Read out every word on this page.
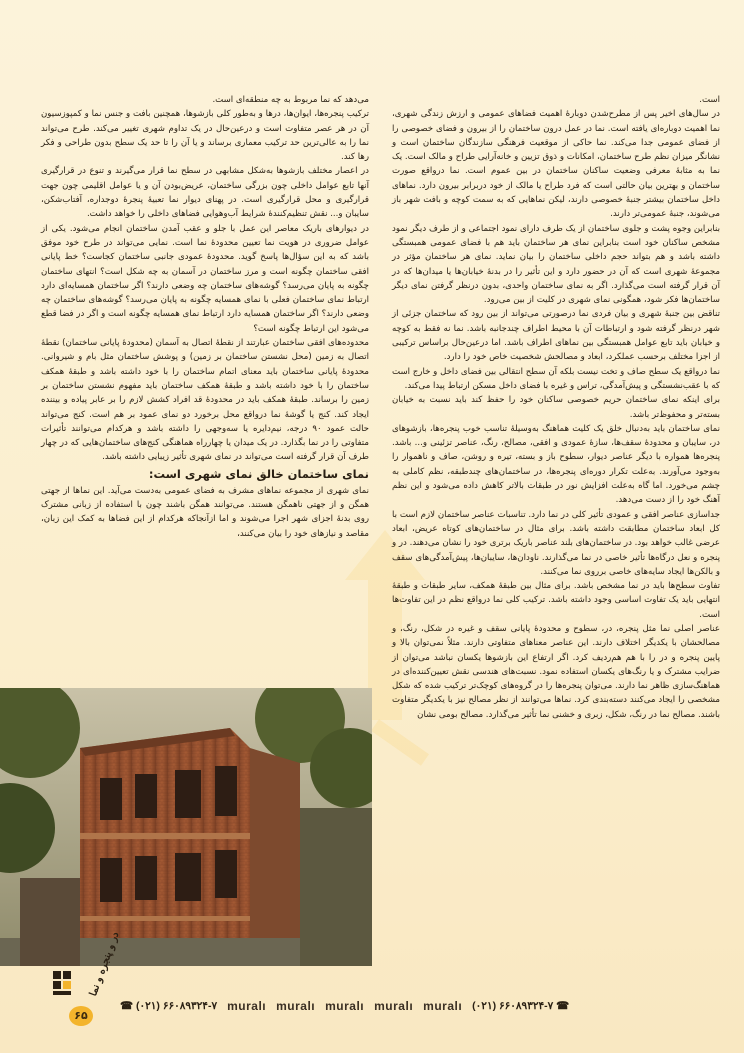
است.

در سال‌های اخیر پس از مطرح‌شدن دوبارهٔ اهمیت فضاهای عمومی و ارزش زندگی شهری، نما اهمیت دوباره‌ای یافته است. نما در عمل درون ساختمان را از بیرون و فضای خصوصی را از فضای عمومی جدا می‌کند. نما حاکی از موقعیت فرهنگی سازندگان ساختمان است و نشانگر میزان نظم طرح ساختمان، امکانات و ذوق تزیین و خانه‌آرایی طراح و مالک است. یک نما به مثابهٔ معرفی وضعیت ساکنان ساختمان در بین عموم است. نما درواقع صورت ساختمان و بهترین بیان حالتی است که فرد طراح یا مالک از خود دربرابر بیرون دارد. نماهای داخل ساختمان بیشتر جنبهٔ خصوصی دارند، لیکن نماهایی که به سمت کوچه و بافت شهر باز می‌شوند، جنبهٔ عمومی‌تر دارند.

بنابراین وجوه پشت و جلوی ساختمان از یک طرف دارای نمود اجتماعی و از طرف دیگر نمود مشخص ساکنان خود است بنابراین نمای هر ساختمان باید هم با فضای عمومی همبستگی داشته باشد و هم بتواند حجم داخلی ساختمان را بیان نماید. نمای هر ساختمان مؤثر در مجموعهٔ شهری است که آن در حضور دارد و این تأثیر را در بدنهٔ خیابان‌ها یا میدان‌ها که در آن قرار گرفته است می‌گذارد. اگر به نمای ساختمان واحدی، بدون درنظر گرفتن نمای دیگر ساختمان‌ها فکر شود، همگونی نمای شهری در کلیت از بین می‌رود.

تناقض بین جنبهٔ شهری و بیان فردی نما درصورتی می‌تواند از بین رود که ساختمان جزئی از شهر درنظر گرفته شود و ارتباطات آن با محیط اطراف چندجانبه باشد. نما نه فقط به کوچه و خیابان باید تابع عوامل همبستگی بین نماهای اطراف باشد. اما درعین‌حال براساس ترکیبی از اجزا مختلف برحسب عملکرد، ابعاد و مصالحش شخصیت خاص خود را دارد.

نما درواقع یک سطح صاف و تخت نیست بلکه آن سطح انتقالی بین فضای داخل و خارج است که با عقب‌نشستگی و پیش‌آمدگی، تراس و غیره با فضای داخل مسکن ارتباط پیدا می‌کند.

برای اینکه نمای ساختمان حریم خصوصی ساکنان خود را حفظ کند باید نسبت به خیابان بسته‌تر و محفوظ‌تر باشد.

نمای ساختمان باید به‌دنبال خلق یک کلیت هماهنگ به‌وسیلهٔ تناسب خوب پنجره‌ها، بازشوهای در، سایبان و محدودهٔ سقف‌ها، سازهٔ عمودی و افقی، مصالح، رنگ، عناصر تزئینی و... باشد. پنجره‌ها همواره با دیگر عناصر دیوار، سطوح باز و بسته، تیره و روشن، صاف و ناهموار را به‌وجود می‌آورند. به‌علت تکرار دوره‌ای پنجره‌ها، در ساختمان‌های چندطبقه، نظم کاملی به چشم می‌خورد. اما گاه به‌علت افزایش نور در طبقات بالاتر کاهش داده می‌شود و این نظم آهنگ خود را از دست می‌دهد.

جداسازی عناصر افقی و عمودی تأثیر کلی در نما دارد. تناسبات عناصر ساختمان لازم است با کل ابعاد ساختمان مطابقت داشته باشد. برای مثال در ساختمان‌های کوتاه عریض، ابعاد عرضی غالب خواهد بود. در ساختمان‌های بلند عناصر باریک برتری خود را نشان می‌دهند. در و پنجره و نعل درگاه‌ها تأثیر خاصی در نما می‌گذارند. ناودان‌ها، سایبان‌ها، پیش‌آمدگی‌های سقف و بالکن‌ها ایجاد سایه‌های خاصی برروی نما می‌کنند.

تفاوت سطح‌ها باید در نما مشخص باشد. برای مثال بین طبقهٔ همکف، سایر طبقات و طبقهٔ انتهایی باید یک تفاوت اساسی وجود داشته باشد. ترکیب کلی نما درواقع نظم در این تفاوت‌ها است.

عناصر اصلی نما مثل پنجره، در، سطوح و محدودهٔ پایانی سقف و غیره در شکل، رنگ، و مصالحشان با یکدیگر اختلاف دارند. این عناصر معناهای متفاوتی دارند. مثلاً نمی‌توان بالا و پایین پنجره و در را با هم هم‌ردیف کرد. اگر ارتفاع این بازشوها یکسان نباشد می‌توان از ضرایب مشترک و یا رنگ‌های یکسان استفاده نمود. نسبت‌های هندسی نقش تعیین‌کننده‌ای در هماهنگ‌سازی ظاهر نما دارند. می‌توان پنجره‌ها را در گروه‌های کوچک‌تر ترکیب شده که شکل مشخصی را ایجاد می‌کنند دسته‌بندی کرد. نماها می‌توانند از نظر مصالح نیز با یکدیگر متفاوت باشند. مصالح نما در رنگ، شکل، زبری و خشنی نما تأثیر می‌گذارد. مصالح بومی نشان

می‌دهد که نما مربوط به چه منطقه‌ای است.

ترکیب پنجره‌ها، ایوان‌ها، درها و به‌طور کلی بازشوها، همچنین بافت و جنس نما و کمپوزسیون آن در هر عصر متفاوت است و درعین‌حال در یک تداوم شهری تغییر می‌کند. طرح می‌تواند نما را به عالی‌ترین حد ترکیب معماری برساند و یا آن را تا حد یک سطح بدون طراحی و فکر رها کند.

در اعصار مختلف بازشوها به‌شکل مشابهی در سطح نما قرار می‌گیرند و تنوع در قرارگیری آنها تابع عوامل داخلی چون بزرگی ساختمان، عریض‌بودن آن و یا عوامل اقلیمی چون جهت قرارگیری و محل قرارگیری است. در پهنای دیوار نما تعبیهٔ پنجرهٔ دوجداره، آفتاب‌شکن، سایبان و... نقش تنظیم‌کنندهٔ شرایط آب‌وهوایی فضاهای داخلی را خواهد داشت.

در دیوارهای باریک معاصر این عمل با جلو و عقب آمدن ساختمان انجام می‌شود. یکی از عوامل ضروری در هویت نما تعیین محدودهٔ نما است. نمایی می‌تواند در طرح خود موفق باشد که به این سؤال‌ها پاسخ گوید. محدودهٔ عمودی جانبی ساختمان کجاست؟ خط پایانی افقی ساختمان چگونه است و مرز ساختمان در آسمان به چه شکل است؟ انتهای ساختمان چگونه به پایان می‌رسد؟ گوشه‌های ساختمان چه وضعی دارند؟ اگر ساختمان همسایه‌ای دارد ارتباط نمای ساختمان فعلی با نمای همسایه چگونه به پایان می‌رسد؟ گوشه‌های ساختمان چه وضعی دارند؟ اگر ساختمان همسایه دارد ارتباط نمای همسایه چگونه است و اگر در فضا قطع می‌شود این ارتباط چگونه است؟

محدوده‌های افقی ساختمان عبارتند از نقطهٔ اتصال به آسمان (محدودهٔ پایانی ساختمان) نقطهٔ اتصال به زمین (محل نشستن ساختمان بر زمین) و پوشش ساختمان مثل بام و شیروانی. محدودهٔ پایانی ساختمان باید معنای اتمام ساختمان را با خود داشته باشد و طبقهٔ همکف ساختمان را با خود داشته باشد و طبقهٔ همکف ساختمان باید مفهوم نشستن ساختمان بر زمین را برساند. طبقهٔ همکف باید در محدودهٔ قد افراد کشش لازم را بر عابر پیاده و بیننده ایجاد کند. کنج یا گوشهٔ نما درواقع محل برخورد دو نمای عمود بر هم است. کنج می‌تواند حالت عمود ۹۰ درجه، نیم‌دایره یا سه‌وجهی را داشته باشد و هرکدام می‌توانند تأثیرات متفاوتی را در نما بگذارد. در یک میدان یا چهارراه هماهنگی کنج‌های ساختمان‌هایی که در چهار طرف آن قرار گرفته است می‌تواند در نمای شهری تأثیر زیبایی داشته باشد.

نمای ساختمان خالق نمای شهری است:

نمای شهری از مجموعه نماهای مشرف به فضای عمومی به‌دست می‌آید. این نماها از جهتی همگن و از جهتی ناهمگن هستند. می‌توانند همگن باشند چون با استفاده از زبانی مشترک روی بدنهٔ اجزای شهر اجرا می‌شوند و اما ازآنجاکه هرکدام از این فضاها به کمک این زبان، مقاصد و نیازهای خود را بیان می‌کنند،

☎ (۰۲۱) ۶۶۰۸۹۳۲۴-۷ muralı muralı muralı muralı muralı (۰۲۱) ۶۶۰۸۹۳۲۴-۷ ☎
۶۵
در و پنجره و نما
